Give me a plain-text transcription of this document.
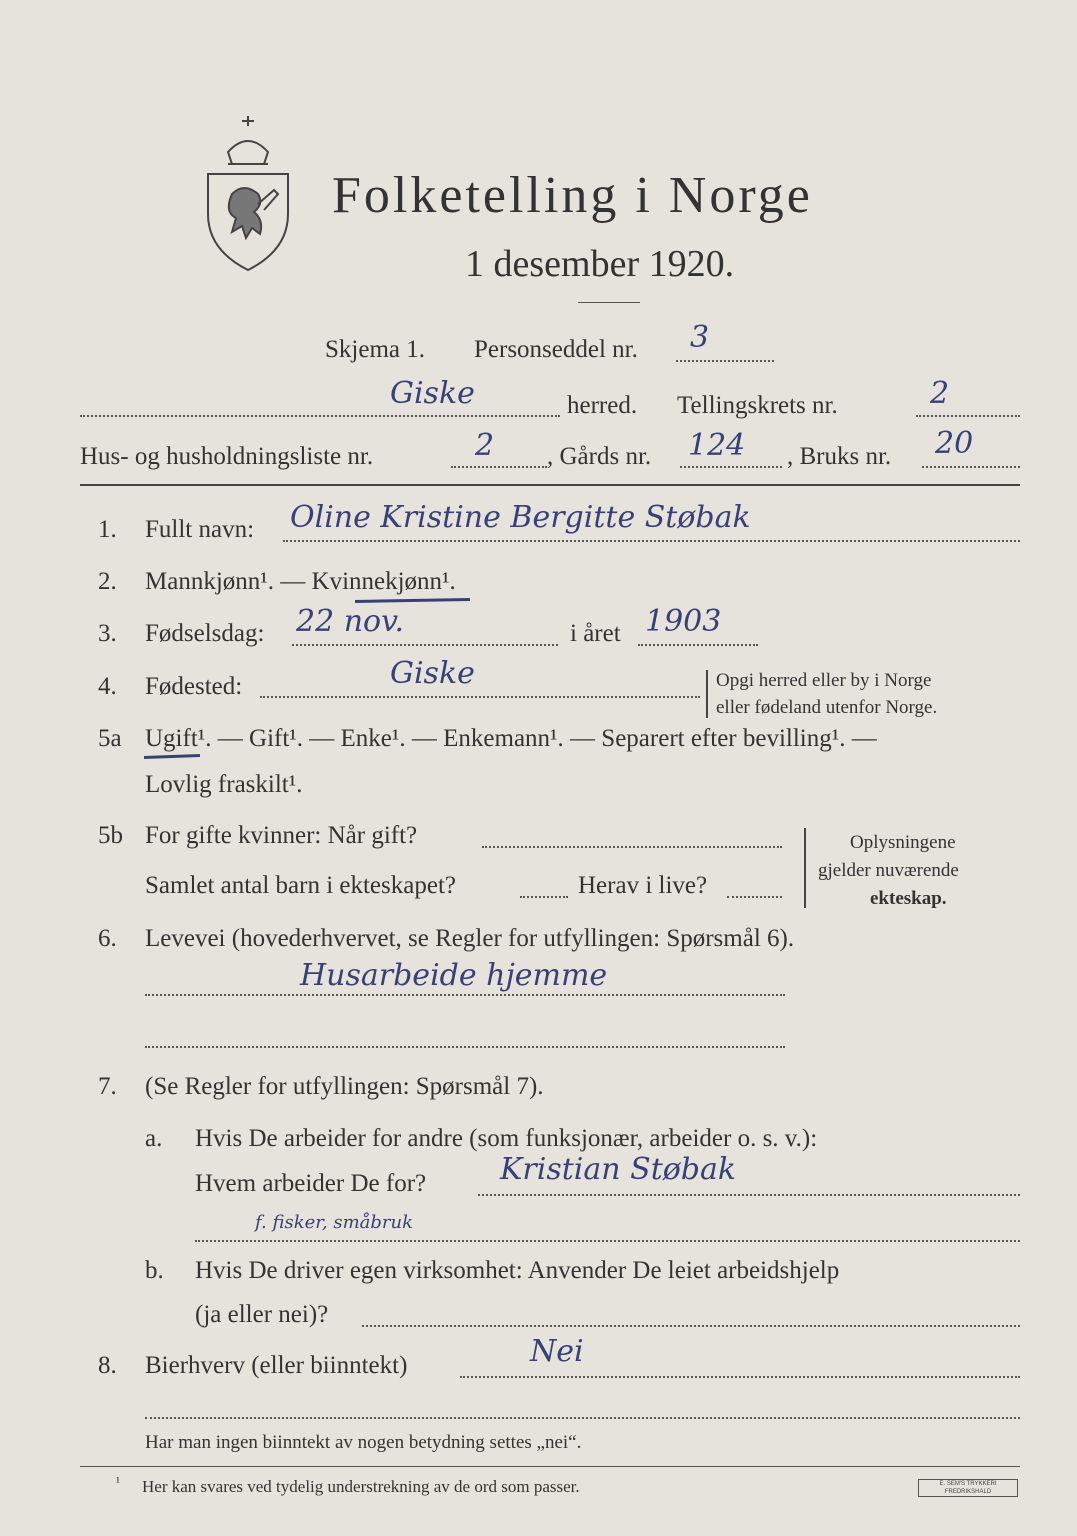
Folketelling i Norge
1 desember 1920.
Skjema 1. Personseddel nr. 3
Giske	herred. Tellingskrets nr.	2
Hus- og husholdningsliste nr.	2 , Gårds nr. 124 , Bruks nr. 20
1. Fullt navn: Oline Kristine Bergitte Støbak
2. Mannkjønn¹. — Kvinnekjønn¹.
3. Fødselsdag: 22 nov.	i året 1903
4. Fødested:	Giske	Opgi herred eller by i Norge
eller fødeland utenfor Norge.
5a Ugift¹. — Gift¹. — Enke¹. — Enkemann¹. — Separert efter bevilling¹. —
Lovlig fraskilt¹.
5b For gifte kvinner: Når gift?
Samlet antal barn i ekteskapet?	Herav i live?
Oplysningene
gjelder nuværende
ekteskap.
6. Levevei (hovederhvervet, se Regler for utfyllingen: Spørsmål 6).
Husarbeide hjemme
7. (Se Regler for utfyllingen: Spørsmål 7).
a. Hvis De arbeider for andre (som funksjonær, arbeider o. s. v.):
Hvem arbeider De for? Kristian Støbak
f. fisker, småbruk
b. Hvis De driver egen virksomhet: Anvender De leiet arbeidshjelp
(ja eller nei)?
8. Bierhverv (eller biinntekt)	Nei
Har man ingen biinntekt av nogen betydning settes „nei“.
¹ Her kan svares ved tydelig understrekning av de ord som passer.	E. SEM'S TRYKKERI FREDRIKSHALD
